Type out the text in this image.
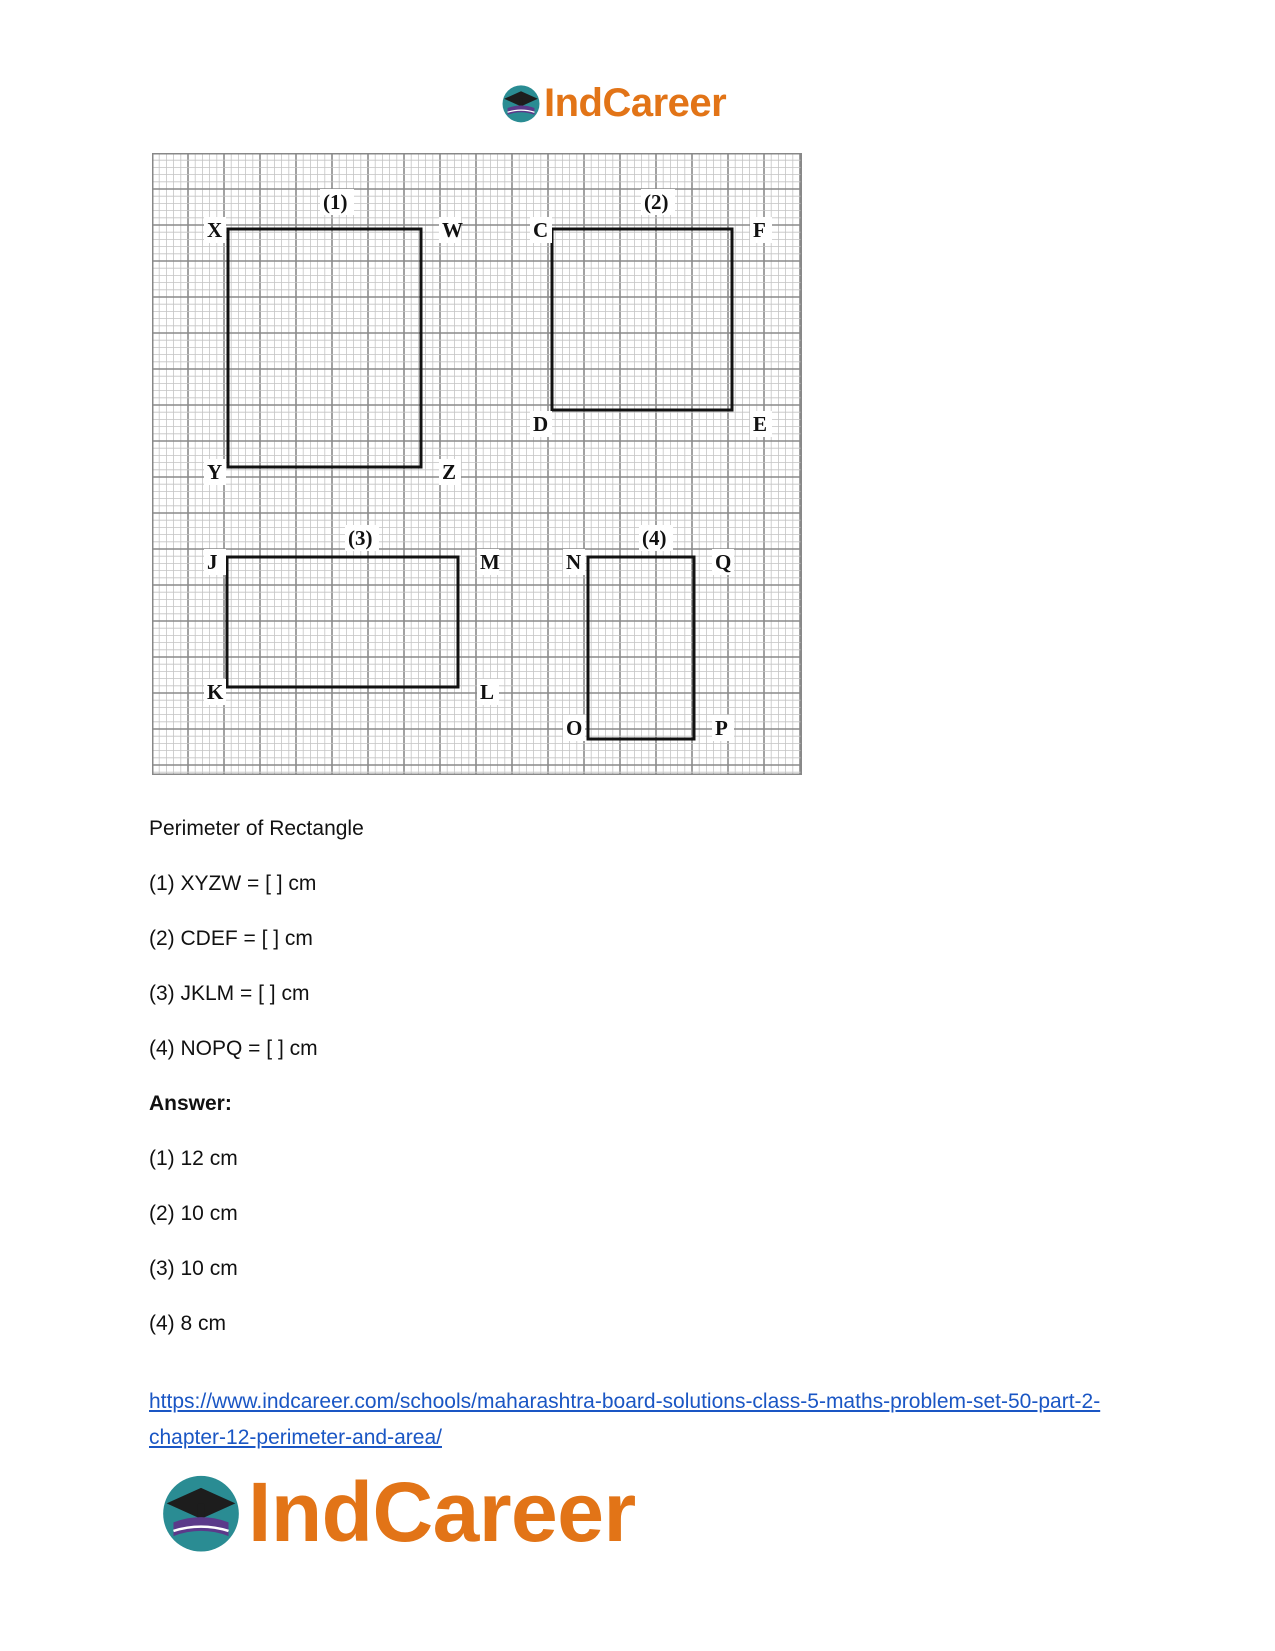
IndCareer
(1)
X	W
Z
Y
(2)
C	F
E
D
(3)
J	M
L
K
(4)
N	Q
P
O
Perimeter of Rectangle
(1) XYZW = [ ] cm
(2) CDEF = [ ] cm
(3) JKLM = [ ] cm
(4) NOPQ = [ ] cm
Answer:
(1) 12 cm
(2) 10 cm
(3) 10 cm
(4) 8 cm
https://www.indcareer.com/schools/maharashtra-board-solutions-class-5-maths-problem-set-50-part-2-chapter-12-perimeter-and-area/
IndCareer
